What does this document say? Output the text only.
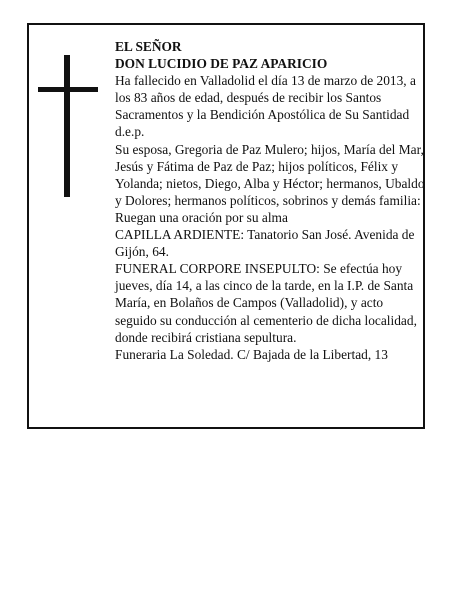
EL SEÑOR

DON LUCIDIO DE PAZ APARICIO

Ha fallecido en Valladolid el día 13 de marzo de 2013, a los 83 años de edad, después de recibir los Santos Sacramentos y la Bendición Apostólica de Su Santidad d.e.p.

Su esposa, Gregoria de Paz Mulero; hijos, María del Mar, Jesús y Fátima de Paz de Paz; hijos políticos, Félix y Yolanda; nietos, Diego, Alba y Héctor; hermanos, Ubaldo y Dolores; hermanos políticos, sobrinos y demás familia:

Ruegan una oración por su alma

CAPILLA ARDIENTE: Tanatorio San José. Avenida de Gijón, 64.

FUNERAL CORPORE INSEPULTO: Se efectúa hoy jueves, día 14, a las cinco de la tarde, en la I.P. de Santa María, en Bolaños de Campos (Valladolid), y acto seguido su conducción al cementerio de dicha localidad, donde recibirá cristiana sepultura.

Funeraria La Soledad. C/ Bajada de la Libertad, 13
